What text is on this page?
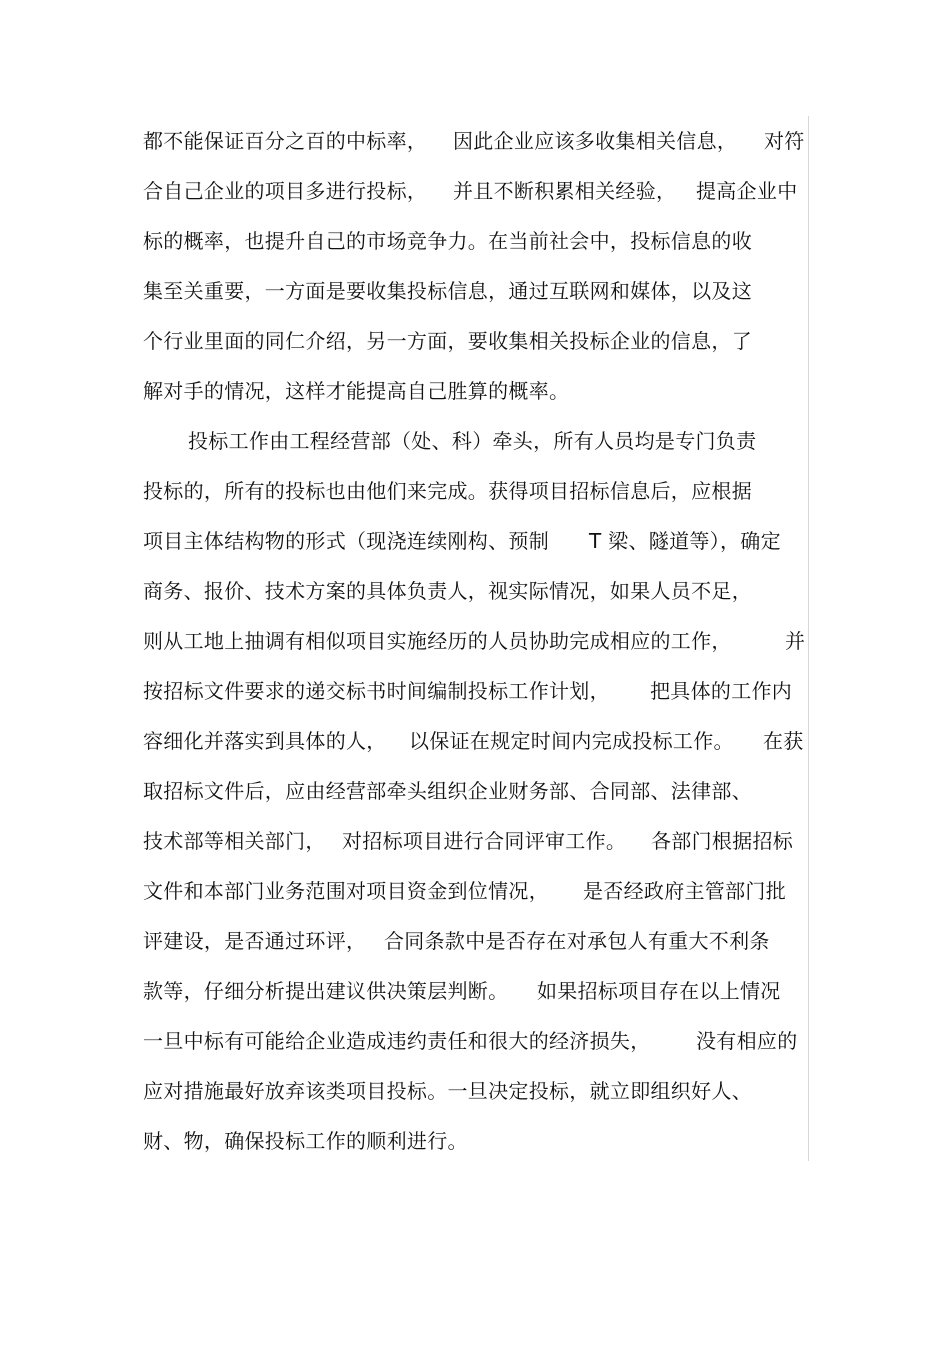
都不能保证百分之百的中标率， 因此企业应该多收集相关信息， 对符
合自己企业的项目多进行投标， 并且不断积累相关经验， 提高企业中
标的概率，也提升自己的市场竞争力。在当前社会中，投标信息的收
集至关重要，一方面是要收集投标信息，通过互联网和媒体，以及这
个行业里面的同仁介绍，另一方面，要收集相关投标企业的信息，了
解对手的情况，这样才能提高自己胜算的概率。
投标工作由工程经营部（处、科）牵头，所有人员均是专门负责
投标的，所有的投标也由他们来完成。获得项目招标信息后，应根据
项目主体结构物的形式（现浇连续刚构、预制 T 梁、隧道等），确定
商务、报价、技术方案的具体负责人，视实际情况，如果人员不足，
则从工地上抽调有相似项目实施经历的人员协助完成相应的工作，	并
按招标文件要求的递交标书时间编制投标工作计划， 把具体的工作内
容细化并落实到具体的人， 以保证在规定时间内完成投标工作。 在获
取招标文件后，应由经营部牵头组织企业财务部、合同部、法律部、
技术部等相关部门， 对招标项目进行合同评审工作。 各部门根据招标
文件和本部门业务范围对项目资金到位情况， 是否经政府主管部门批
评建设，是否通过环评， 合同条款中是否存在对承包人有重大不利条
款等，仔细分析提出建议供决策层判断。 如果招标项目存在以上情况
一旦中标有可能给企业造成违约责任和很大的经济损失， 没有相应的
应对措施最好放弃该类项目投标。一旦决定投标，就立即组织好人、
财、物，确保投标工作的顺利进行。
